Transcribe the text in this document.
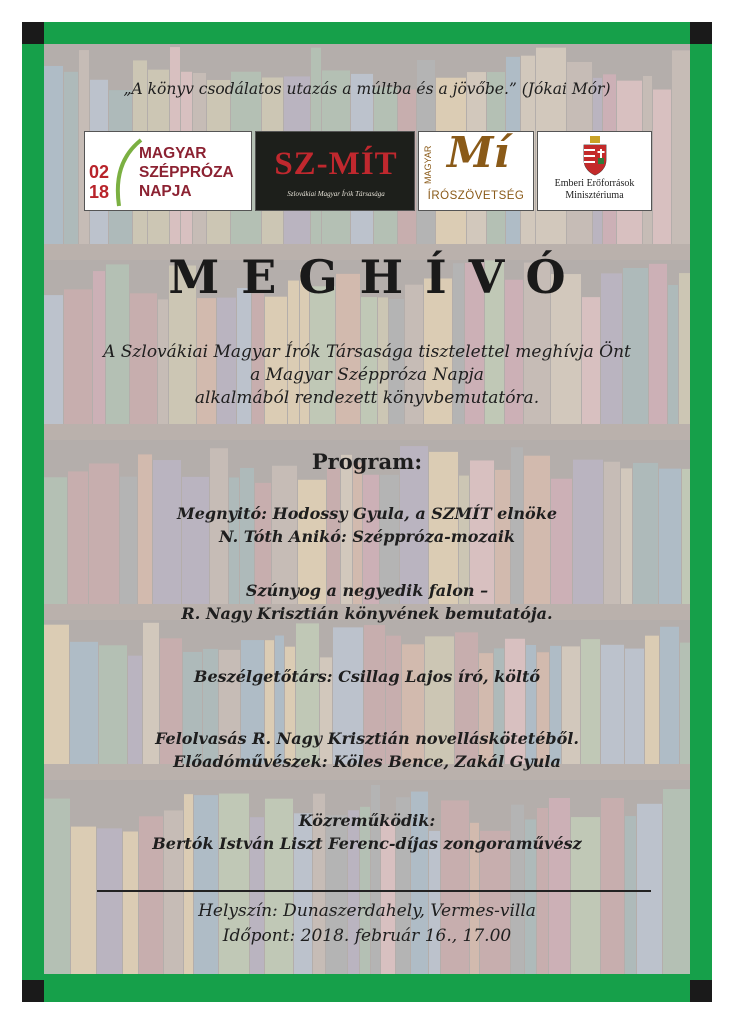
„A könyv csodálatos utazás a múltba és a jövőbe.” (Jókai Mór)
02
18
MAGYAR
SZÉPPRÓZA
NAPJA
SZ-MÍT
Szlovákiai Magyar Írók Társasága
MAGYAR Mí
ÍRÓSZÖVETSÉG
Emberi Erőforrások
Minisztériuma
MEGHÍVÓ
A Szlovákiai Magyar Írók Társasága tisztelettel meghívja Önt
a Magyar Széppróza Napja
alkalmából rendezett könyvbemutatóra.
Program:
Megnyitó: Hodossy Gyula, a SZMÍT elnöke
N. Tóth Anikó: Széppróza-mozaik
Szúnyog a negyedik falon –
R. Nagy Krisztián könyvének bemutatója.
Beszélgetőtárs: Csillag Lajos író, költő
Felolvasás R. Nagy Krisztián novelláskötetéből.
Előadóművészek: Köles Bence, Zakál Gyula
Közreműködik:
Bertók István Liszt Ferenc-díjas zongoraművész
Helyszín: Dunaszerdahely, Vermes-villa
Időpont: 2018. február 16., 17.00
